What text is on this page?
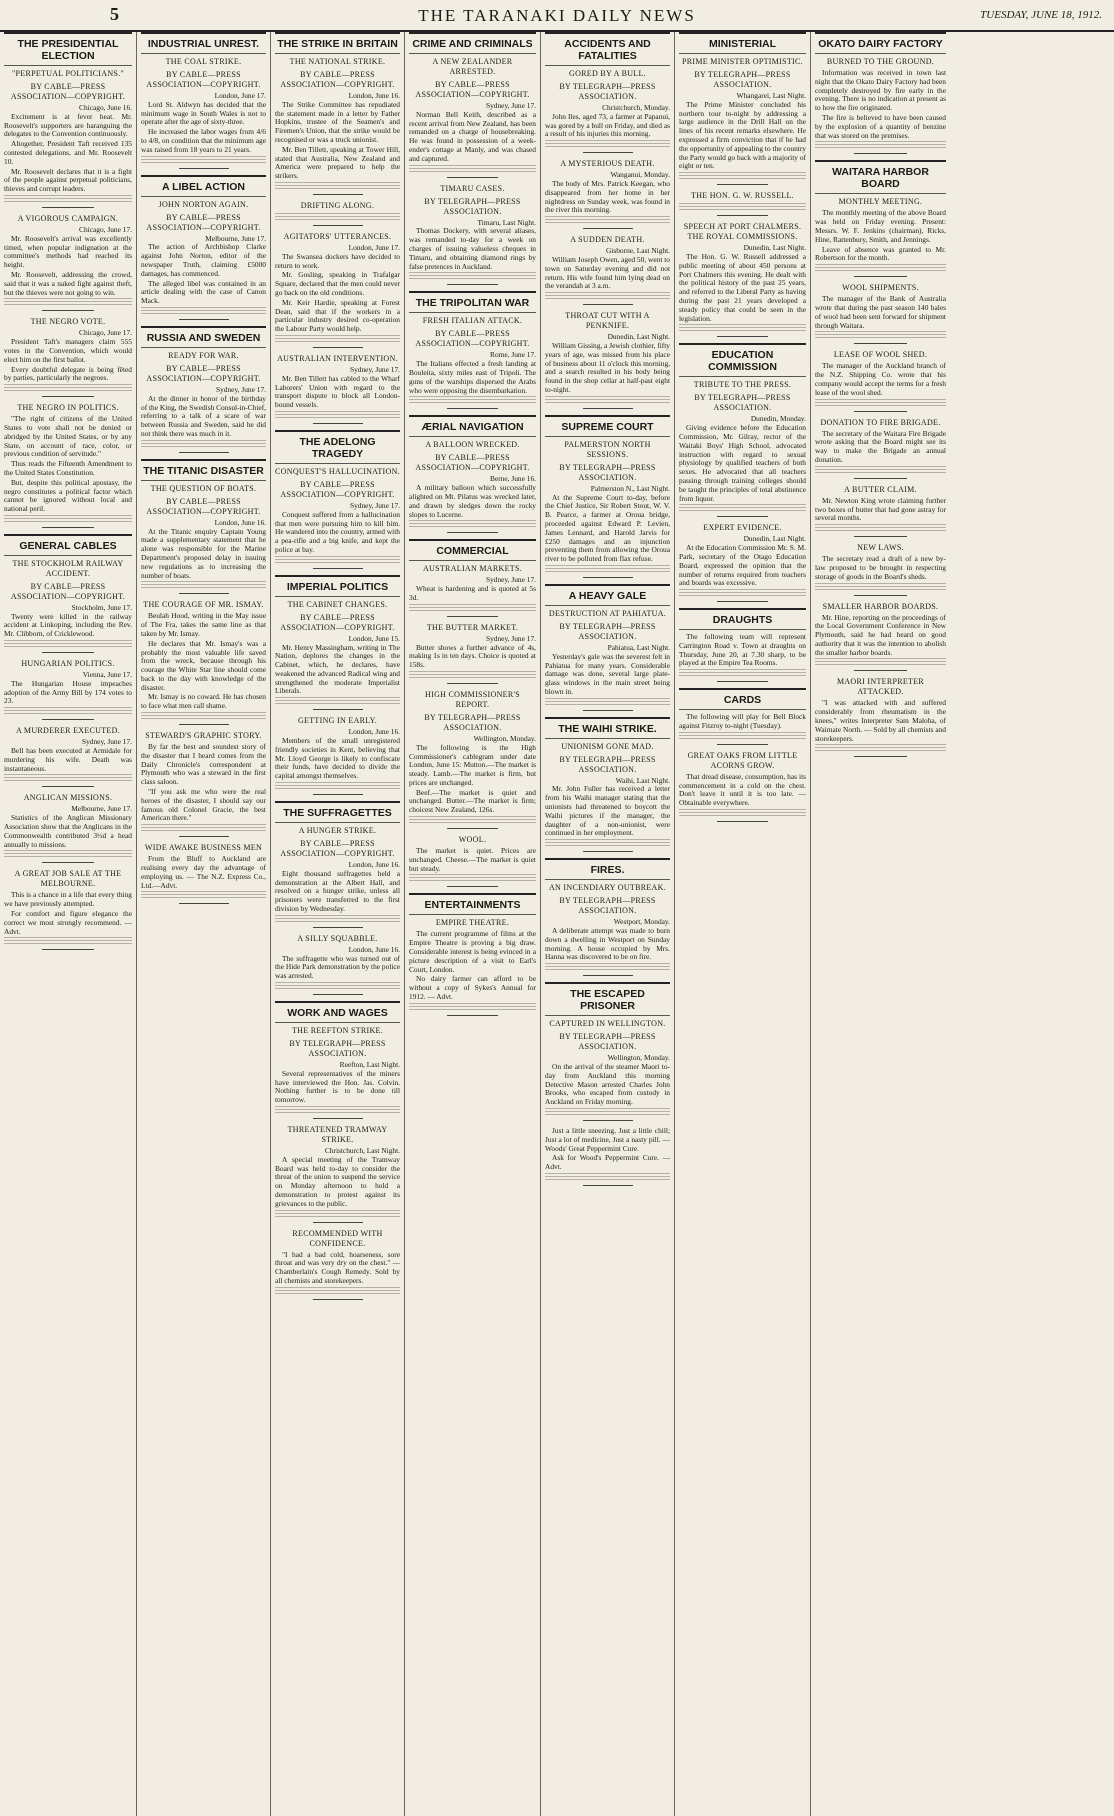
5	THE TARANAKI DAILY NEWS	TUESDAY, JUNE 18, 1912.
THE PRESIDENTIAL ELECTION
"PERPETUAL POLITICIANS."
BY CABLE—PRESS ASSOCIATION—COPYRIGHT.
Chicago, June 16.

Excitement is at fever heat. Mr. Roosevelt's supporters are haranguing the delegates to the Convention continuously.

Altogether, President Taft received 135 contested delegations, and Mr. Roosevelt 10.

Mr. Roosevelt declares that it is a fight of the people against perpetual politicians, thieves and corrupt leaders.

A VIGOROUS CAMPAIGN.
Chicago, June 17.

Mr. Roosevelt's arrival was excellently timed, when popular indignation at the committee's methods had reached its height.

Mr. Roosevelt, addressing the crowd, said that it was a naked fight against theft, but the thieves were not going to win.

THE NEGRO VOTE.
Chicago, June 17.

President Taft's managers claim 555 votes in the Convention, which would elect him on the first ballot.

Every doubtful delegate is being fêted by parties, particularly the negroes.

THE NEGRO IN POLITICS.

"The right of citizens of the United States to vote shall not be denied or abridged by the United States, or by any State, on account of race, color, or previous condition of servitude."

Thus reads the Fifteenth Amendment to the United States Constitution.

But, despite this political apostasy, the negro constitutes a political factor which cannot be ignored without local and national peril.

GENERAL CABLES
THE STOCKHOLM RAILWAY ACCIDENT.
BY CABLE—PRESS ASSOCIATION—COPYRIGHT.
Stockholm, June 17.

Twenty were killed in the railway accident at Linkoping, including the Rev. Mr. Clibborn, of Cricklewood.

HUNGARIAN POLITICS.
Vienna, June 17.

The Hungarian House impeaches adoption of the Army Bill by 174 votes to 23.

A MURDERER EXECUTED.
Sydney, June 17.

Bell has been executed at Armidale for murdering his wife. Death was instantaneous.

ANGLICAN MISSIONS.
Melbourne, June 17.

Statistics of the Anglican Missionary Association show that the Anglicans in the Commonwealth contributed 3½d a head annually to missions.

A GREAT JOB SALE AT THE MELBOURNE.

This is a chance in a life that every thing we have previously attempted.

For comfort and figure elegance the correct we most strongly recommend. — Advt.

INDUSTRIAL UNREST.
THE COAL STRIKE.
BY CABLE—PRESS ASSOCIATION—COPYRIGHT.
London, June 17.

Lord St. Aldwyn has decided that the minimum wage in South Wales is not to operate after the age of sixty-three.

He increased the labor wages from 4/6 to 4/8, on condition that the minimum age was raised from 18 years to 21 years.

A LIBEL ACTION
JOHN NORTON AGAIN.
BY CABLE—PRESS ASSOCIATION—COPYRIGHT.
Melbourne, June 17.

The action of Archbishop Clarke against John Norton, editor of the newspaper Truth, claiming £5000 damages, has commenced.

The alleged libel was contained in an article dealing with the case of Canon Mack.

RUSSIA AND SWEDEN
READY FOR WAR.
BY CABLE—PRESS ASSOCIATION—COPYRIGHT.
Sydney, June 17.

At the dinner in honor of the birthday of the King, the Swedish Consul-in-Chief, referring to a talk of a scare of war between Russia and Sweden, said he did not think there was much in it.

THE TITANIC DISASTER
THE QUESTION OF BOATS.
BY CABLE—PRESS ASSOCIATION—COPYRIGHT.
London, June 16.

At the Titanic enquiry Captain Young made a supplementary statement that he alone was responsible for the Marine Department's proposed delay in issuing new regulations as to increasing the number of boats.

THE COURAGE OF MR. ISMAY.

Beulah Hood, writing in the May issue of The Fra, takes the same line as that taken by Mr. Ismay.

He declares that Mr. Ismay's was a probably the most valuable life saved from the wreck, because through his courage the White Star line should come back to the day with knowledge of the disaster.

Mr. Ismay is no coward. He has chosen to face what men call shame.

STEWARD'S GRAPHIC STORY.

By far the best and soundest story of the disaster that I heard comes from the Daily Chronicle's correspondent at Plymouth who was a steward in the first class saloon.

"If you ask me who were the real heroes of the disaster, I should say our famous old Colonel Gracie, the best American there."

WIDE AWAKE BUSINESS MEN

From the Bluff to Auckland are realising every day the advantage of employing us. — The N.Z. Express Co., Ltd.—Advt.

THE STRIKE IN BRITAIN
THE NATIONAL STRIKE.
BY CABLE—PRESS ASSOCIATION—COPYRIGHT.
London, June 16.

The Strike Committee has repudiated the statement made in a letter by Father Hopkins, trustee of the Seamen's and Firemen's Union, that the strike would be recognised or was a truck unionist.

Mr. Ben Tillett, speaking at Tower Hill, stated that Australia, New Zealand and America were prepared to help the strikers.

DRIFTING ALONG.
AGITATORS' UTTERANCES.
London, June 17.

The Swansea dockers have decided to return to work.

Mr. Gosling, speaking in Trafalgar Square, declared that the men could never go back on the old conditions.

Mr. Keir Hardie, speaking at Forest Dean, said that if the workers in a particular industry desired co-operation the Labour Party would help.

AUSTRALIAN INTERVENTION.
Sydney, June 17.

Mr. Ben Tillett has cabled to the Wharf Laborers' Union with regard to the transport dispute to block all London-bound vessels.

THE ADELONG TRAGEDY
CONQUEST'S HALLUCINATION.
BY CABLE—PRESS ASSOCIATION—COPYRIGHT.
Sydney, June 17.

Conquest suffered from a hallucination that men were pursuing him to kill him. He wandered into the country, armed with a pea-rifle and a big knife, and kept the police at bay.

IMPERIAL POLITICS
THE CABINET CHANGES.
BY CABLE—PRESS ASSOCIATION—COPYRIGHT.
London, June 15.

Mr. Henry Massingham, writing in The Nation, deplores the changes in the Cabinet, which, he declares, have weakened the advanced Radical wing and strengthened the moderate Imperialist Liberals.

GETTING IN EARLY.
London, June 16.

Members of the small unregistered friendly societies in Kent, believing that Mr. Lloyd George is likely to confiscate their funds, have decided to divide the capital amongst themselves.

THE SUFFRAGETTES
A HUNGER STRIKE.
BY CABLE—PRESS ASSOCIATION—COPYRIGHT.
London, June 16.

Eight thousand suffragettes held a demonstration at the Albert Hall, and resolved on a hunger strike, unless all prisoners were transferred to the first division by Wednesday.

A SILLY SQUABBLE.
London, June 16.

The suffragette who was turned out of the Hide Park demonstration by the police was arrested.

WORK AND WAGES
THE REEFTON STRIKE.
BY TELEGRAPH—PRESS ASSOCIATION.
Reefton, Last Night.

Several representatives of the miners have interviewed the Hon. Jas. Colvin. Nothing further is to be done till tomorrow.

THREATENED TRAMWAY STRIKE.
Christchurch, Last Night.

A special meeting of the Tramway Board was held to-day to consider the threat of the union to suspend the service on Monday afternoon to hold a demonstration to protest against its grievances to the public.

RECOMMENDED WITH CONFIDENCE.

"I had a bad cold, hoarseness, sore throat and was very dry on the chest." — Chamberlain's Cough Remedy. Sold by all chemists and storekeepers.

CRIME AND CRIMINALS
A NEW ZEALANDER ARRESTED.
BY CABLE—PRESS ASSOCIATION—COPYRIGHT.
Sydney, June 17.

Norman Bell Keith, described as a recent arrival from New Zealand, has been remanded on a charge of housebreaking. He was found in possession of a week-ender's cottage at Manly, and was chased and captured.

TIMARU CASES.
BY TELEGRAPH—PRESS ASSOCIATION.
Timaru, Last Night.

Thomas Dockery, with several aliases, was remanded to-day for a week on charges of issuing valueless cheques in Timaru, and obtaining diamond rings by false pretences in Auckland.

THE TRIPOLITAN WAR
FRESH ITALIAN ATTACK.
BY CABLE—PRESS ASSOCIATION—COPYRIGHT.
Rome, June 17.

The Italians effected a fresh landing at Bouleita, sixty miles east of Tripoli. The guns of the warships dispersed the Arabs who were opposing the disembarkation.

ÆRIAL NAVIGATION
A BALLOON WRECKED.
BY CABLE—PRESS ASSOCIATION—COPYRIGHT.
Berne, June 16.

A military balloon which successfully alighted on Mt. Pilatus was wrecked later, and drawn by sledges down the rocky slopes to Lucerne.

COMMERCIAL
AUSTRALIAN MARKETS.
Sydney, June 17.

Wheat is hardening and is quoted at 5s 3d.

THE BUTTER MARKET.
Sydney, June 17.

Butter shows a further advance of 4s, making 1s in ten days. Choice is quoted at 158s.

HIGH COMMISSIONER'S REPORT.
BY TELEGRAPH—PRESS ASSOCIATION.
Wellington, Monday.

The following is the High Commissioner's cablegram under date London, June 15: Mutton.—The market is steady. Lamb.—The market is firm, but prices are unchanged.

Beef.—The market is quiet and unchanged. Butter.—The market is firm; choicest New Zealand, 126s.

WOOL.

The market is quiet. Prices are unchanged. Cheese.—The market is quiet but steady.

ENTERTAINMENTS
EMPIRE THEATRE.

The current programme of films at the Empire Theatre is proving a big draw. Considerable interest is being evinced in a picture description of a visit to Earl's Court, London.

No dairy farmer can afford to be without a copy of Sykes's Annual for 1912. — Advt.

ACCIDENTS AND FATALITIES
GORED BY A BULL.
BY TELEGRAPH—PRESS ASSOCIATION.
Christchurch, Monday.

John Iles, aged 73, a farmer at Papanui, was gored by a bull on Friday, and died as a result of his injuries this morning.

A MYSTERIOUS DEATH.
Wanganui, Monday.

The body of Mrs. Patrick Keegan, who disappeared from her home in her nightdress on Sunday week, was found in the river this morning.

A SUDDEN DEATH.
Gisborne, Last Night.

William Joseph Owen, aged 50, went to town on Saturday evening and did not return. His wife found him lying dead on the verandah at 3 a.m.

THROAT CUT WITH A PENKNIFE.
Dunedin, Last Night.

William Gissing, a Jewish clothier, fifty years of age, was missed from his place of business about 11 o'clock this morning, and a search resulted in his body being found in the shop cellar at half-past eight to-night.

SUPREME COURT
PALMERSTON NORTH SESSIONS.
BY TELEGRAPH—PRESS ASSOCIATION.
Palmerston N., Last Night.

At the Supreme Court to-day, before the Chief Justice, Sir Robert Stout, W. V. B. Pearce, a farmer at Oroua bridge, proceeded against Edward P. Levien, James Lennard, and Harold Jarvis for £250 damages and an injunction preventing them from allowing the Oroua river to be polluted from flax refuse.

A HEAVY GALE
DESTRUCTION AT PAHIATUA.
BY TELEGRAPH—PRESS ASSOCIATION.
Pahiatua, Last Night.

Yesterday's gale was the severest felt in Pahiatua for many years. Considerable damage was done, several large plate-glass windows in the main street being blown in.

THE WAIHI STRIKE.
UNIONISM GONE MAD.
BY TELEGRAPH—PRESS ASSOCIATION.
Waihi, Last Night.

Mr. John Fuller has received a letter from his Waihi manager stating that the unionists had threatened to boycott the Waihi pictures if the manager, the daughter of a non-unionist, were continued in her employment.

FIRES.
AN INCENDIARY OUTBREAK.
BY TELEGRAPH—PRESS ASSOCIATION.
Westport, Monday.

A deliberate attempt was made to burn down a dwelling in Westport on Sunday morning. A house occupied by Mrs. Hanna was discovered to be on fire.

THE ESCAPED PRISONER
CAPTURED IN WELLINGTON.
BY TELEGRAPH—PRESS ASSOCIATION.
Wellington, Monday.

On the arrival of the steamer Maori to-day from Auckland this morning Detective Mason arrested Charles John Brooks, who escaped from custody in Auckland on Friday morning.

Just a little sneezing, Just a little chill; Just a lot of medicine, Just a nasty pill. — Woods' Great Peppermint Cure.

Ask for Wood's Peppermint Cure. — Advt.

MINISTERIAL
PRIME MINISTER OPTIMISTIC.
BY TELEGRAPH—PRESS ASSOCIATION.
Whangarei, Last Night.

The Prime Minister concluded his northern tour to-night by addressing a large audience in the Drill Hall on the lines of his recent remarks elsewhere. He expressed a firm conviction that if he had the opportunity of appealing to the country the Party would go back with a majority of eight or ten.

THE HON. G. W. RUSSELL.
SPEECH AT PORT CHALMERS. THE ROYAL COMMISSIONS.
Dunedin, Last Night.

The Hon. G. W. Russell addressed a public meeting of about 450 persons at Port Chalmers this evening. He dealt with the political history of the past 25 years, and referred to the Liberal Party as having during the past 21 years developed a steady policy that could be seen in the legislation.

EDUCATION COMMISSION
TRIBUTE TO THE PRESS.
BY TELEGRAPH—PRESS ASSOCIATION.
Dunedin, Monday.

Giving evidence before the Education Commission, Mr. Gilray, rector of the Waitaki Boys' High School, advocated instruction with regard to sexual physiology by qualified teachers of both sexes. He advocated that all teachers passing through training colleges should be taught the principles of total abstinence from liquor.

EXPERT EVIDENCE.
Dunedin, Last Night.

At the Education Commission Mr. S. M. Park, secretary of the Otago Education Board, expressed the opinion that the number of returns required from teachers and boards was excessive.

DRAUGHTS

The following team will represent Carrington Road v. Town at draughts on Thursday, June 20, at 7.30 sharp, to be played at the Empire Tea Rooms.

CARDS

The following will play for Bell Block against Fitzroy to-night (Tuesday).

GREAT OAKS FROM LITTLE ACORNS GROW.

That dread disease, consumption, has its commencement in a cold on the chest. Don't leave it until it is too late. — Obtainable everywhere.

OKATO DAIRY FACTORY
BURNED TO THE GROUND.

Information was received in town last night that the Okato Dairy Factory had been completely destroyed by fire early in the evening. There is no indication at present as to how the fire originated.

The fire is believed to have been caused by the explosion of a quantity of benzine that was stored on the premises.

WAITARA HARBOR BOARD
MONTHLY MEETING.

The monthly meeting of the above Board was held on Friday evening. Present: Messrs. W. F. Jenkins (chairman), Ricks, Hine, Rattenbury, Smith, and Jennings.

Leave of absence was granted to Mr. Robertson for the month.

WOOL SHIPMENTS.

The manager of the Bank of Australia wrote that during the past season 140 bales of wool had been sent forward for shipment through Waitara.

LEASE OF WOOL SHED.

The manager of the Auckland branch of the N.Z. Shipping Co. wrote that his company would accept the terms for a fresh lease of the wool shed.

DONATION TO FIRE BRIGADE.

The secretary of the Waitara Fire Brigade wrote asking that the Board might see its way to make the Brigade an annual donation.

A BUTTER CLAIM.

Mr. Newton King wrote claiming further two boxes of butter that had gone astray for several months.

NEW LAWS.

The secretary read a draft of a new by-law proposed to be brought in respecting storage of goods in the Board's sheds.

SMALLER HARBOR BOARDS.

Mr. Hine, reporting on the proceedings of the Local Government Conference in New Plymouth, said he had heard on good authority that it was the intention to abolish the smaller harbor boards.

MAORI INTERPRETER ATTACKED.

"I was attacked with and suffered considerably from rheumatism in the knees," writes Interpreter Sam Maloha, of Waimate North. — Sold by all chemists and storekeepers.
